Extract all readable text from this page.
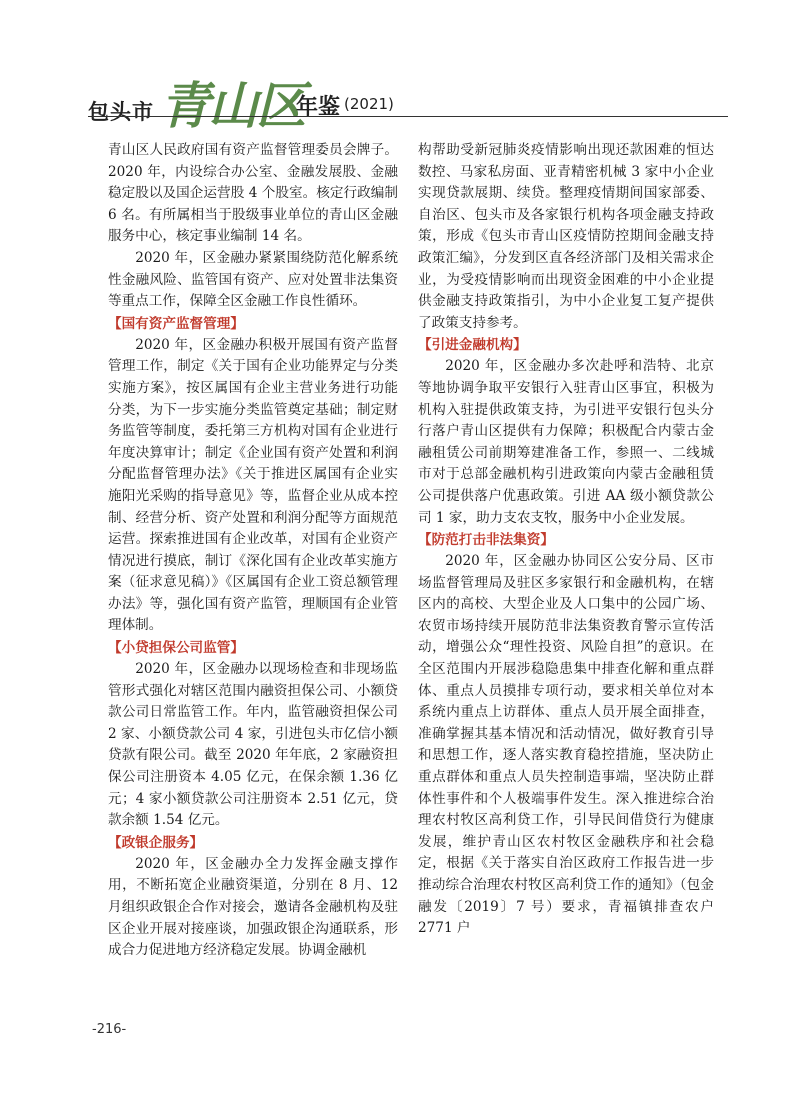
包头市 青山区
年鉴 (2021)

青山区人民政府国有资产监督管理委员会牌子。2020 年，内设综合办公室、金融发展股、金融稳定股以及国企运营股 4 个股室。核定行政编制 6 名。有所属相当于股级事业单位的青山区金融服务中心，核定事业编制 14 名。

2020 年，区金融办紧紧围绕防范化解系统性金融风险、监管国有资产、应对处置非法集资等重点工作，保障全区金融工作良性循环。

【国有资产监督管理】

2020 年，区金融办积极开展国有资产监督管理工作，制定《关于国有企业功能界定与分类实施方案》，按区属国有企业主营业务进行功能分类，为下一步实施分类监管奠定基础；制定财务监管等制度，委托第三方机构对国有企业进行年度决算审计；制定《企业国有资产处置和利润分配监督管理办法》《关于推进区属国有企业实施阳光采购的指导意见》等，监督企业从成本控制、经营分析、资产处置和利润分配等方面规范运营。探索推进国有企业改革，对国有企业资产情况进行摸底，制订《深化国有企业改革实施方案（征求意见稿）》《区属国有企业工资总额管理办法》等，强化国有资产监管，理顺国有企业管理体制。

【小贷担保公司监管】

2020 年，区金融办以现场检查和非现场监管形式强化对辖区范围内融资担保公司、小额贷款公司日常监管工作。年内，监管融资担保公司 2 家、小额贷款公司 4 家，引进包头市亿信小额贷款有限公司。截至 2020 年年底，2 家融资担保公司注册资本 4.05 亿元，在保余额 1.36 亿元；4 家小额贷款公司注册资本 2.51 亿元，贷款余额 1.54 亿元。

【政银企服务】

2020 年，区金融办全力发挥金融支撑作用，不断拓宽企业融资渠道，分别在 8 月、12 月组织政银企合作对接会，邀请各金融机构及驻区企业开展对接座谈，加强政银企沟通联系，形成合力促进地方经济稳定发展。协调金融机

构帮助受新冠肺炎疫情影响出现还款困难的恒达数控、马家私房面、亚青精密机械 3 家中小企业实现贷款展期、续贷。整理疫情期间国家部委、自治区、包头市及各家银行机构各项金融支持政策，形成《包头市青山区疫情防控期间金融支持政策汇编》，分发到区直各经济部门及相关需求企业，为受疫情影响而出现资金困难的中小企业提供金融支持政策指引，为中小企业复工复产提供了政策支持参考。

【引进金融机构】

2020 年，区金融办多次赴呼和浩特、北京等地协调争取平安银行入驻青山区事宜，积极为机构入驻提供政策支持，为引进平安银行包头分行落户青山区提供有力保障；积极配合内蒙古金融租赁公司前期筹建准备工作，参照一、二线城市对于总部金融机构引进政策向内蒙古金融租赁公司提供落户优惠政策。引进 AA 级小额贷款公司 1 家，助力支农支牧，服务中小企业发展。

【防范打击非法集资】

2020 年，区金融办协同区公安分局、区市场监督管理局及驻区多家银行和金融机构，在辖区内的高校、大型企业及人口集中的公园广场、农贸市场持续开展防范非法集资教育警示宣传活动，增强公众“理性投资、风险自担”的意识。在全区范围内开展涉稳隐患集中排查化解和重点群体、重点人员摸排专项行动，要求相关单位对本系统内重点上访群体、重点人员开展全面排查，准确掌握其基本情况和活动情况，做好教育引导和思想工作，逐人落实教育稳控措施，坚决防止重点群体和重点人员失控制造事端，坚决防止群体性事件和个人极端事件发生。深入推进综合治理农村牧区高利贷工作，引导民间借贷行为健康发展，维护青山区农村牧区金融秩序和社会稳定，根据《关于落实自治区政府工作报告进一步推动综合治理农村牧区高利贷工作的通知》（包金融发〔2019〕7 号）要求，青福镇排查农户 2771 户

-216-
